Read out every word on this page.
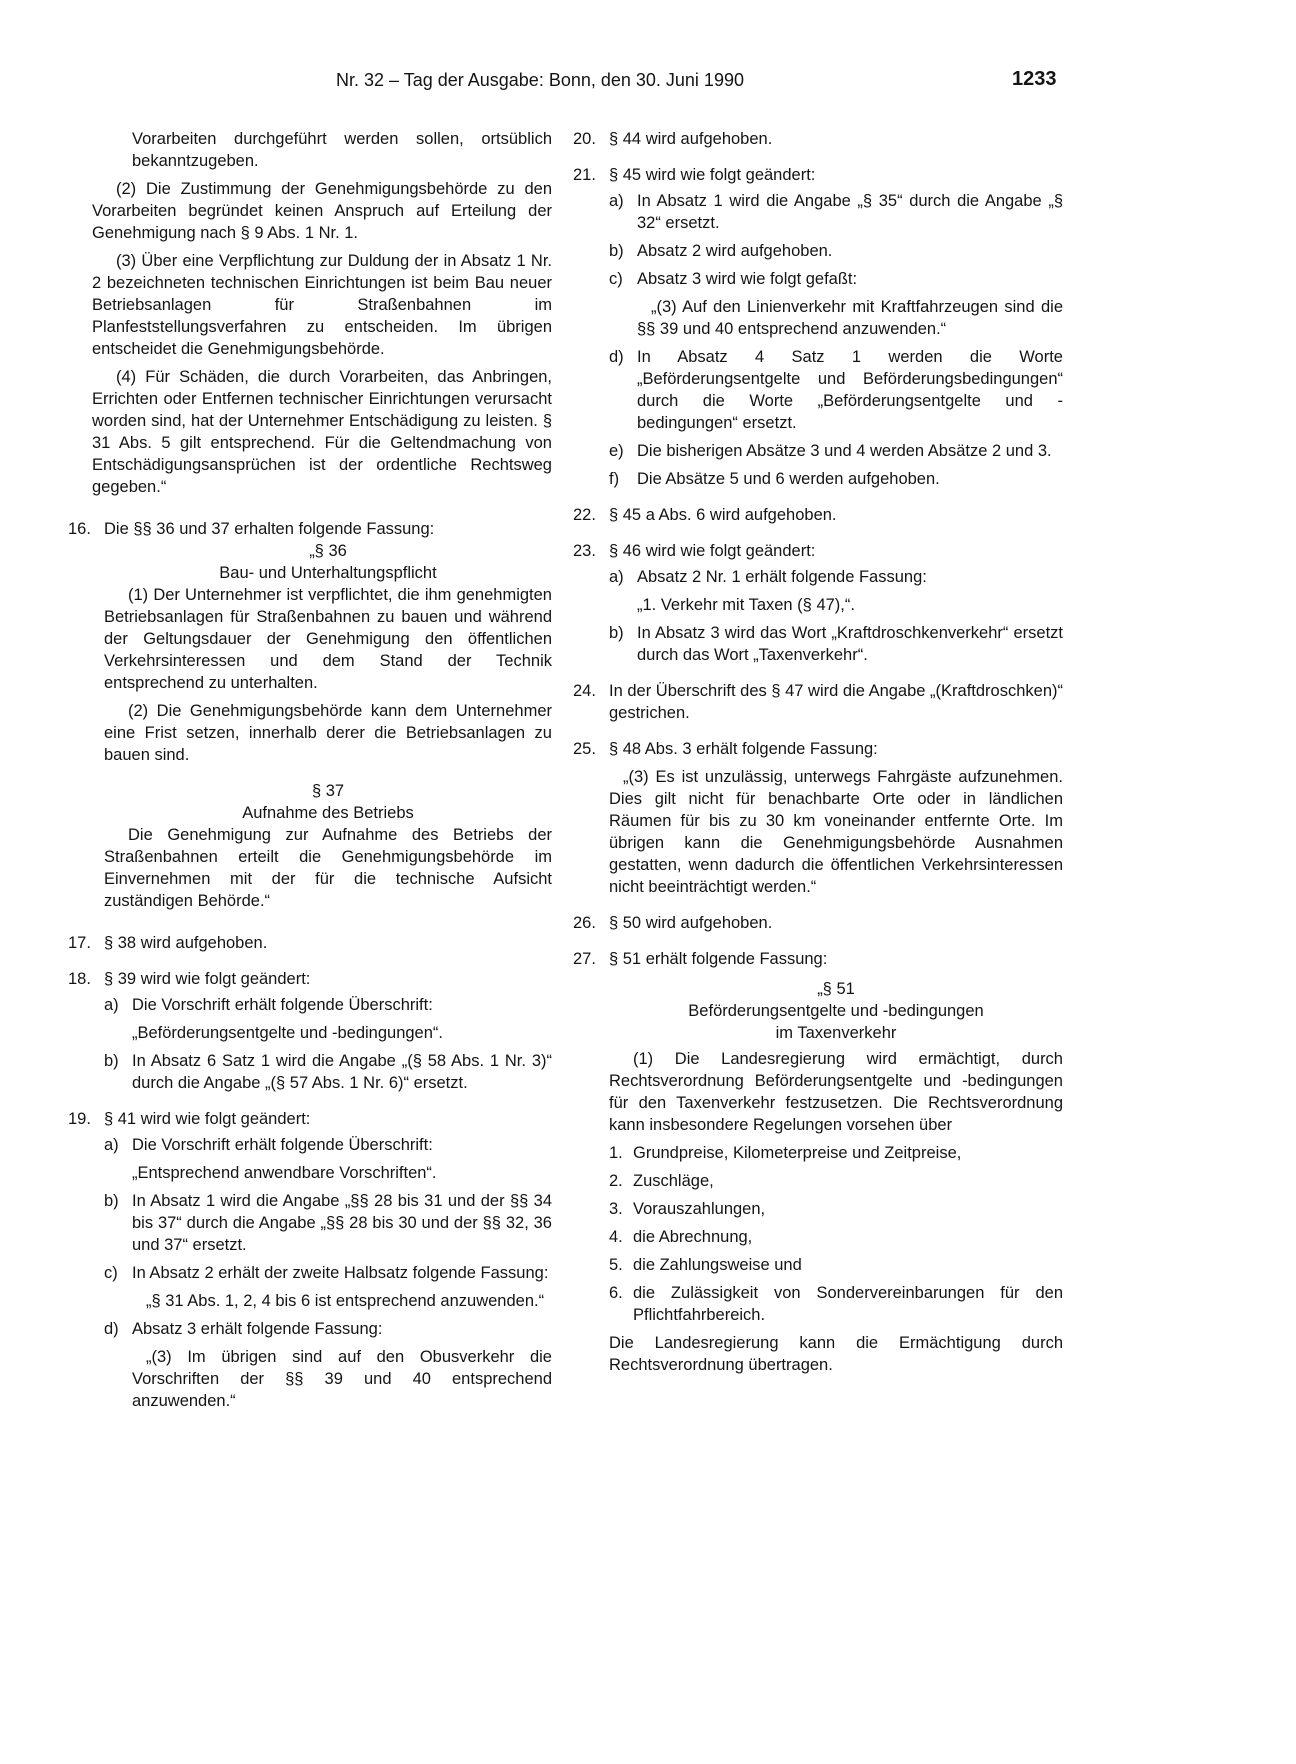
Nr. 32 – Tag der Ausgabe: Bonn, den 30. Juni 1990	1233

Vorarbeiten durchgeführt werden sollen, ortsüblich bekanntzugeben.

(2) Die Zustimmung der Genehmigungsbehörde zu den Vorarbeiten begründet keinen Anspruch auf Erteilung der Genehmigung nach § 9 Abs. 1 Nr. 1.

(3) Über eine Verpflichtung zur Duldung der in Absatz 1 Nr. 2 bezeichneten technischen Einrichtungen ist beim Bau neuer Betriebsanlagen für Straßenbahnen im Planfeststellungsverfahren zu entscheiden. Im übrigen entscheidet die Genehmigungsbehörde.

(4) Für Schäden, die durch Vorarbeiten, das Anbringen, Errichten oder Entfernen technischer Einrichtungen verursacht worden sind, hat der Unternehmer Entschädigung zu leisten. § 31 Abs. 5 gilt entsprechend. Für die Geltendmachung von Entschädigungsansprüchen ist der ordentliche Rechtsweg gegeben.“

16. Die §§ 36 und 37 erhalten folgende Fassung:

„§ 36

Bau- und Unterhaltungspflicht

(1) Der Unternehmer ist verpflichtet, die ihm genehmigten Betriebsanlagen für Straßenbahnen zu bauen und während der Geltungsdauer der Genehmigung den öffentlichen Verkehrsinteressen und dem Stand der Technik entsprechend zu unterhalten.

(2) Die Genehmigungsbehörde kann dem Unternehmer eine Frist setzen, innerhalb derer die Betriebsanlagen zu bauen sind.

§ 37

Aufnahme des Betriebs

Die Genehmigung zur Aufnahme des Betriebs der Straßenbahnen erteilt die Genehmigungsbehörde im Einvernehmen mit der für die technische Aufsicht zuständigen Behörde.“

17. § 38 wird aufgehoben.

18. § 39 wird wie folgt geändert:

a) Die Vorschrift erhält folgende Überschrift:

„Beförderungsentgelte und -bedingungen“.

b) In Absatz 6 Satz 1 wird die Angabe „(§ 58 Abs. 1 Nr. 3)“ durch die Angabe „(§ 57 Abs. 1 Nr. 6)“ ersetzt.

19. § 41 wird wie folgt geändert:

a) Die Vorschrift erhält folgende Überschrift:

„Entsprechend anwendbare Vorschriften“.

b) In Absatz 1 wird die Angabe „§§ 28 bis 31 und der §§ 34 bis 37“ durch die Angabe „§§ 28 bis 30 und der §§ 32, 36 und 37“ ersetzt.

c) In Absatz 2 erhält der zweite Halbsatz folgende Fassung:

„§ 31 Abs. 1, 2, 4 bis 6 ist entsprechend anzuwenden.“

d) Absatz 3 erhält folgende Fassung:

„(3) Im übrigen sind auf den Obusverkehr die Vorschriften der §§ 39 und 40 entsprechend anzuwenden.“

20. § 44 wird aufgehoben.

21. § 45 wird wie folgt geändert:

a) In Absatz 1 wird die Angabe „§ 35“ durch die Angabe „§ 32“ ersetzt.

b) Absatz 2 wird aufgehoben.

c) Absatz 3 wird wie folgt gefaßt:

„(3) Auf den Linienverkehr mit Kraftfahrzeugen sind die §§ 39 und 40 entsprechend anzuwenden.“

d) In Absatz 4 Satz 1 werden die Worte „Beförderungsentgelte und Beförderungsbedingungen“ durch die Worte „Beförderungsentgelte und -bedingungen“ ersetzt.

e) Die bisherigen Absätze 3 und 4 werden Absätze 2 und 3.

f) Die Absätze 5 und 6 werden aufgehoben.

22. § 45 a Abs. 6 wird aufgehoben.

23. § 46 wird wie folgt geändert:

a) Absatz 2 Nr. 1 erhält folgende Fassung:

„1. Verkehr mit Taxen (§ 47),“.

b) In Absatz 3 wird das Wort „Kraftdroschkenverkehr“ ersetzt durch das Wort „Taxenverkehr“.

24. In der Überschrift des § 47 wird die Angabe „(Kraftdroschken)“ gestrichen.

25. § 48 Abs. 3 erhält folgende Fassung:

„(3) Es ist unzulässig, unterwegs Fahrgäste aufzunehmen. Dies gilt nicht für benachbarte Orte oder in ländlichen Räumen für bis zu 30 km voneinander entfernte Orte. Im übrigen kann die Genehmigungsbehörde Ausnahmen gestatten, wenn dadurch die öffentlichen Verkehrsinteressen nicht beeinträchtigt werden.“

26. § 50 wird aufgehoben.

27. § 51 erhält folgende Fassung:

„§ 51

Beförderungsentgelte und -bedingungen

im Taxenverkehr

(1) Die Landesregierung wird ermächtigt, durch Rechtsverordnung Beförderungsentgelte und -bedingungen für den Taxenverkehr festzusetzen. Die Rechtsverordnung kann insbesondere Regelungen vorsehen über

1. Grundpreise, Kilometerpreise und Zeitpreise,
2. Zuschläge,
3. Vorauszahlungen,
4. die Abrechnung,
5. die Zahlungsweise und
6. die Zulässigkeit von Sondervereinbarungen für den Pflichtfahrbereich.

Die Landesregierung kann die Ermächtigung durch Rechtsverordnung übertragen.
